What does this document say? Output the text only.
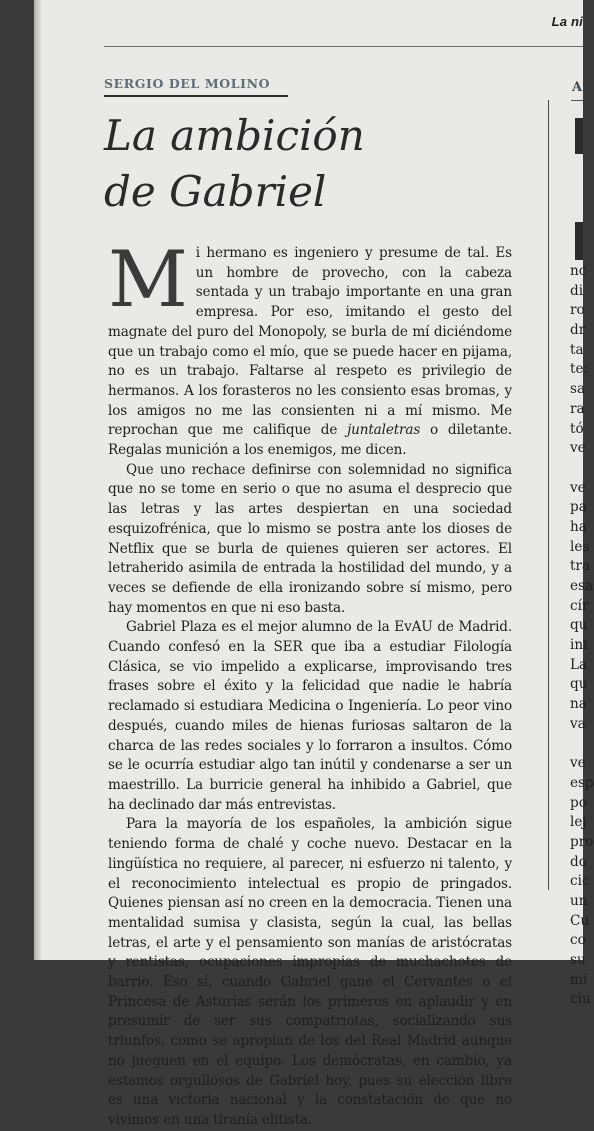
La ni
SERGIO DEL MOLINO
La ambición
de Gabriel

Mi hermano es ingeniero y presume de tal. Es un hombre de provecho, con la cabeza sentada y un trabajo importante en una gran empresa. Por eso, imitando el gesto del magnate del puro del Monopoly, se burla de mí diciéndome que un trabajo como el mío, que se puede hacer en pijama, no es un trabajo. Faltarse al respeto es privilegio de hermanos. A los forasteros no les consiento esas bromas, y los amigos no me las consienten ni a mí mismo. Me reprochan que me califique de juntaletras o diletante. Regalas munición a los enemigos, me dicen.

Que uno rechace definirse con solemnidad no significa que no se tome en serio o que no asuma el desprecio que las letras y las artes despiertan en una sociedad esquizofrénica, que lo mismo se postra ante los dioses de Netflix que se burla de quienes quieren ser actores. El letraherido asimila de entrada la hostilidad del mundo, y a veces se defiende de ella ironizando sobre sí mismo, pero hay momentos en que ni eso basta.

Gabriel Plaza es el mejor alumno de la EvAU de Madrid. Cuando confesó en la SER que iba a estudiar Filología Clásica, se vio impelido a explicarse, improvisando tres frases sobre el éxito y la felicidad que nadie le habría reclamado si estudiara Medicina o Ingeniería. Lo peor vino después, cuando miles de hienas furiosas saltaron de la charca de las redes sociales y lo forraron a insultos. Cómo se le ocurría estudiar algo tan inútil y condenarse a ser un maestrillo. La burricie general ha inhibido a Gabriel, que ha declinado dar más entrevistas.

Para la mayoría de los españoles, la ambición sigue teniendo forma de chalé y coche nuevo. Destacar en la lingüística no requiere, al parecer, ni esfuerzo ni talento, y el reconocimiento intelectual es propio de pringados. Quienes piensan así no creen en la democracia. Tienen una mentalidad sumisa y clasista, según la cual, las bellas letras, el arte y el pensamiento son manías de aristócratas y rentistas, ocupaciones impropias de muchachotes de barrio. Eso sí, cuando Gabriel gane el Cervantes o el Princesa de Asturias serán los primeros en aplaudir y en presumir de ser sus compatriotas, socializando sus triunfos, como se apropian de los del Real Madrid aunque no jueguen en el equipo. Los demócratas, en cambio, ya estamos orgullosos de Gabriel hoy, pues su elección libre es una victoria nacional y la constatación de que no vivimos en una tiranía elitista.

A
nc
di
ro
dr
ta
te:
sa
ra
tó
ve
ve
pa
ha
les
tra
esa
cír
qu
int
La
qu
na
va
ve
esp
po
lej
pro
do
cic
un
Cu
co
su
mi
ciu
